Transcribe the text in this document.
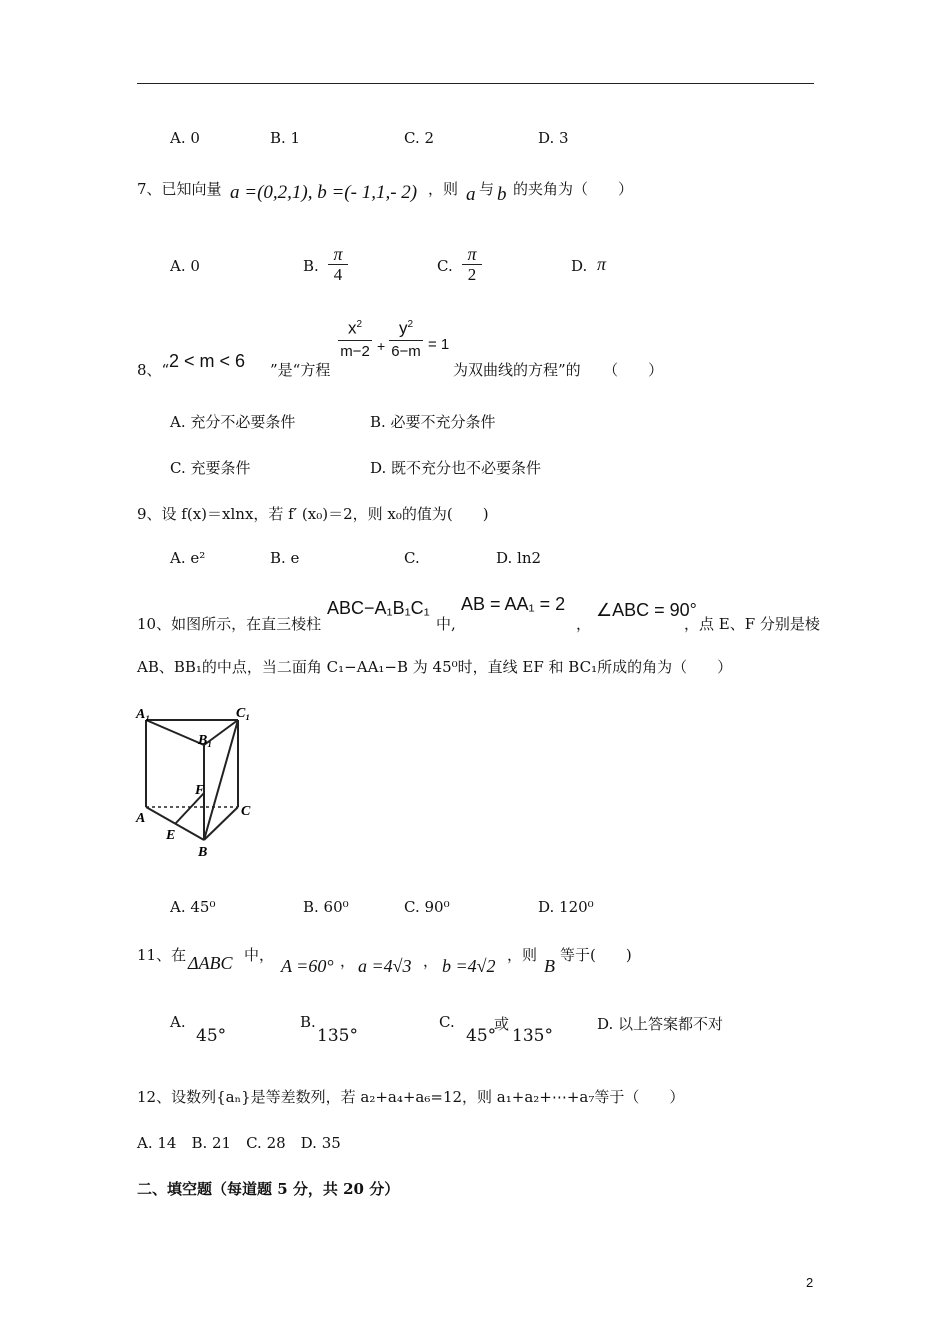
A. 0	B. 1	C. 2	D. 3
7、已知向量 a =(0,2,1), b =(- 1,1,- 2) ，则 a 与 b 的夹角为（　　）
A. 0	B. $\frac{\pi}{4}$	C. $\frac{\pi}{2}$	D. π
8、“ 2 < m < 6 ”是“方程
$x^2$
m−2 +
$y^2$
6−m = 1
为双曲线的方程”的　　（　　）
A. 充分不必要条件	B. 必要不充分条件
C. 充要条件	D. 既不充分也不必要条件
9、设 f(x)＝xlnx，若 f′ (x₀)＝2，则 x₀的值为(　　)
A. e²	B. e	C.	D. ln2
10、如图所示，在直三棱柱
ABC−A₁B₁C₁
中,
AB = AA₁ = 2
，
∠ABC = 90°
，点 E、F 分别是棱
AB、BB₁的中点，当二面角 C₁−AA₁−B 为 45⁰时，直线 EF 和 BC₁所成的角为（　　）
A₁	C₁
B₁
F
C
A
E
B
A. 45⁰	B. 60⁰	C. 90⁰	D. 120⁰
11、在 ΔABC 中，
A =60° ， a =4√3 ， b =4√2
，则
B
等于(　　)
A.
45°
B.
135°
C.
45°
或
135°
D. 以上答案都不对
12、设数列{aₙ}是等差数列，若 a₂+a₄+a₆=12，则 a₁+a₂+⋯+a₇等于（　　）
A. 14　B. 21　C. 28　D. 35
二、填空题（每道题 5 分，共 20 分）
2
